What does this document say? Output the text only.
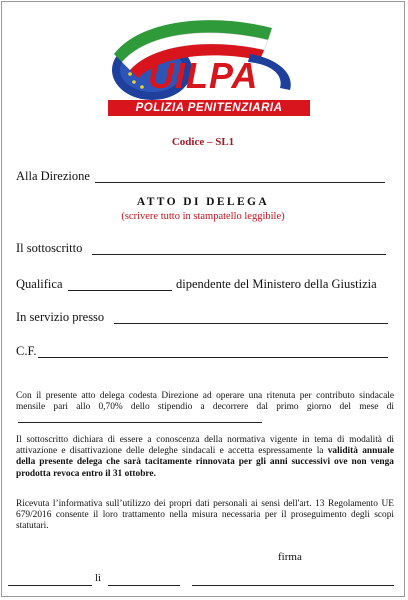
UILPA
POLIZIA PENITENZIARIA
Codice – SL1
Alla Direzione
ATTO DI DELEGA
(scrivere tutto in stampatello leggibile)
Il sottoscritto
Qualifica	dipendente del Ministero della Giustizia
In servizio presso
C.F.

Con il presente atto delega codesta Direzione ad operare una ritenuta per contributo sindacale mensile pari allo 0,70% dello stipendio a decorrere dal primo giorno del mese di

Il sottoscritto dichiara di essere a conoscenza della normativa vigente in tema di modalità di attivazione e disattivazione delle deleghe sindacali e accetta espressamente la validità annuale della presente delega che sarà tacitamente rinnovata per gli anni successivi ove non venga prodotta revoca entro il 31 ottobre.

Ricevuta l’informativa sull’utilizzo dei propri dati personali ai sensi dell'art. 13 Regolamento UE 679/2016 consente il loro trattamento nella misura necessaria per il proseguimento degli scopi statutari.

firma
lì
